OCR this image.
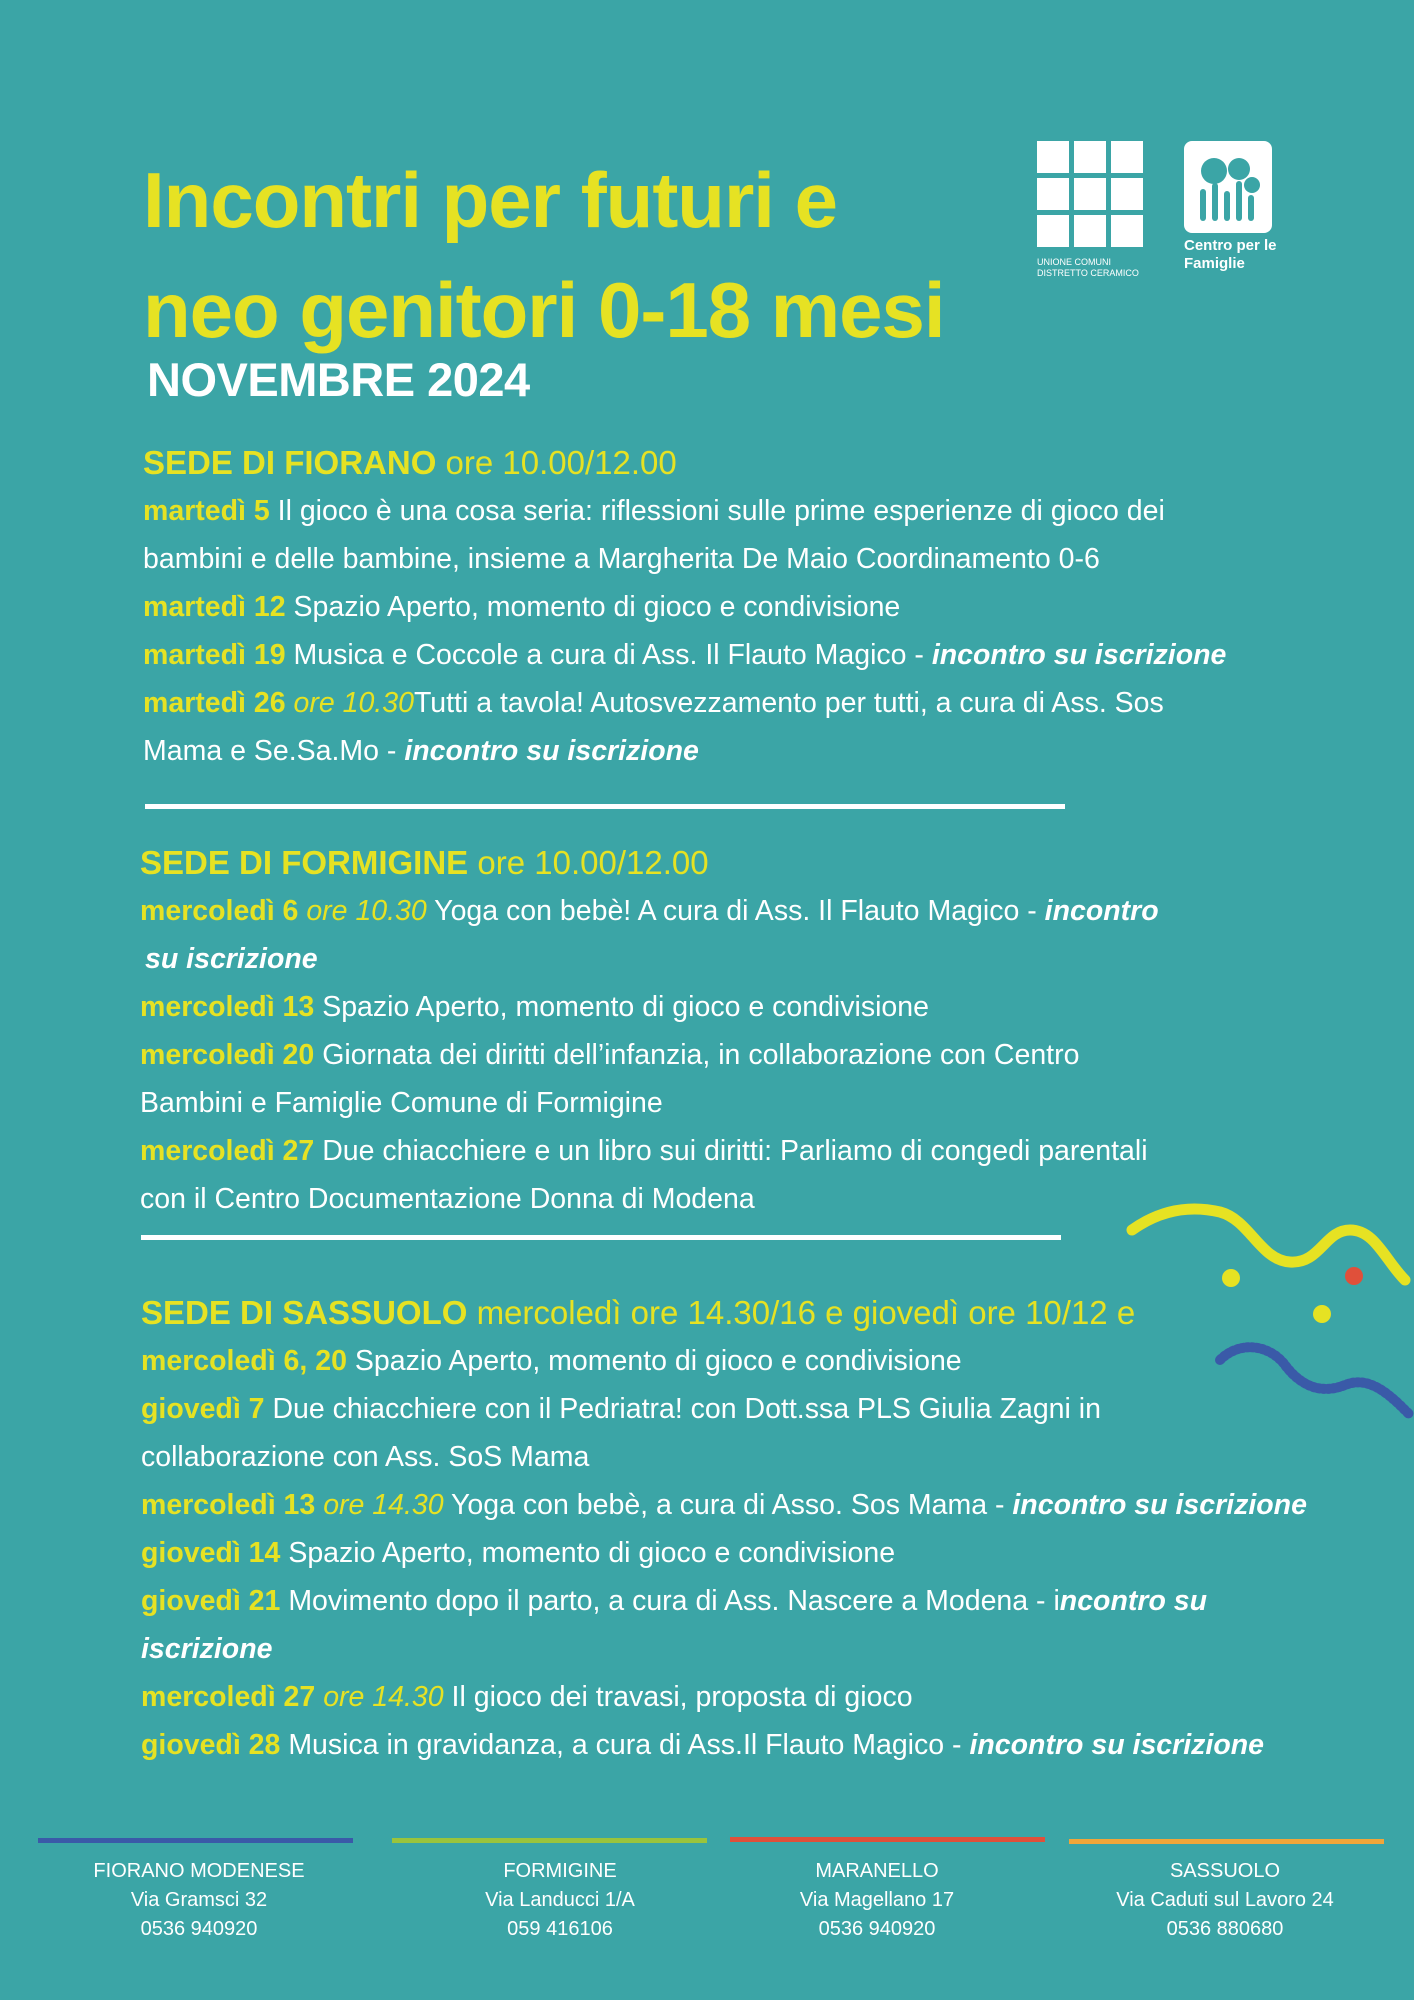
Incontri per futuri e
neo genitori 0-18 mesi
NOVEMBRE 2024
UNIONE COMUNI
DISTRETTO CERAMICO
Centro per le
Famiglie
SEDE DI FIORANO ore 10.00/12.00
martedì 5 Il gioco è una cosa seria: riflessioni sulle prime esperienze di gioco dei
bambini e delle bambine, insieme a Margherita De Maio Coordinamento 0-6
martedì 12 Spazio Aperto, momento di gioco e condivisione
martedì 19 Musica e Coccole a cura di Ass. Il Flauto Magico - incontro su iscrizione
martedì 26 ore 10.30Tutti a tavola! Autosvezzamento per tutti, a cura di Ass. Sos
Mama e Se.Sa.Mo - incontro su iscrizione
SEDE DI FORMIGINE ore 10.00/12.00
mercoledì 6 ore 10.30 Yoga con bebè! A cura di Ass. Il Flauto Magico - incontro
su iscrizione
mercoledì 13 Spazio Aperto, momento di gioco e condivisione
mercoledì 20 Giornata dei diritti dell’infanzia, in collaborazione con Centro
Bambini e Famiglie Comune di Formigine
mercoledì 27 Due chiacchiere e un libro sui diritti: Parliamo di congedi parentali
con il Centro Documentazione Donna di Modena
SEDE DI SASSUOLO mercoledì ore 14.30/16 e giovedì ore 10/12 e
mercoledì 6, 20 Spazio Aperto, momento di gioco e condivisione
giovedì 7 Due chiacchiere con il Pedriatra! con Dott.ssa PLS Giulia Zagni in
collaborazione con Ass. SoS Mama
mercoledì 13 ore 14.30 Yoga con bebè, a cura di Asso. Sos Mama - incontro su iscrizione
giovedì 14 Spazio Aperto, momento di gioco e condivisione
giovedì 21 Movimento dopo il parto, a cura di Ass. Nascere a Modena - incontro su
iscrizione
mercoledì 27 ore 14.30 Il gioco dei travasi, proposta di gioco
giovedì 28 Musica in gravidanza, a cura di Ass.Il Flauto Magico - incontro su iscrizione
FIORANO MODENESE
Via Gramsci 32
0536 940920
FORMIGINE
Via Landucci 1/A
059 416106
MARANELLO
Via Magellano 17
0536 940920
SASSUOLO
Via Caduti sul Lavoro 24
0536 880680
